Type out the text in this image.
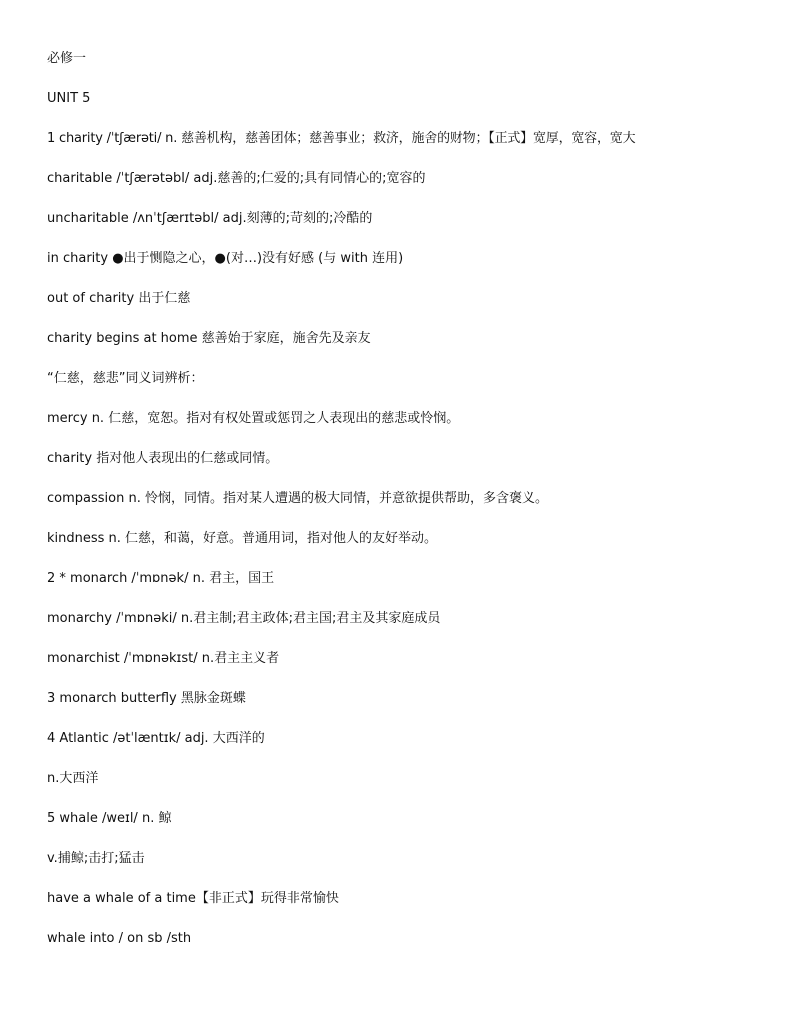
必修一
UNIT 5
1 charity /ˈtʃærəti/ n. 慈善机构，慈善团体；慈善事业；救济，施舍的财物；【正式】宽厚，宽容，宽大
charitable /ˈtʃærətəbl/ adj.慈善的;仁爱的;具有同情心的;宽容的
uncharitable /ʌnˈtʃærɪtəbl/ adj.刻薄的;苛刻的;冷酷的
in charity ●出于恻隐之心，●(对…)没有好感 (与 with 连用)
out of charity 出于仁慈
charity begins at home 慈善始于家庭，施舍先及亲友
“仁慈，慈悲”同义词辨析：
mercy n. 仁慈，宽恕。指对有权处置或惩罚之人表现出的慈悲或怜悯。
charity 指对他人表现出的仁慈或同情。
compassion n. 怜悯，同情。指对某人遭遇的极大同情，并意欲提供帮助，多含褒义。
kindness n. 仁慈，和蔼，好意。普通用词，指对他人的友好举动。
2 * monarch /ˈmɒnək/ n. 君主，国王
monarchy /ˈmɒnəki/ n.君主制;君主政体;君主国;君主及其家庭成员
monarchist /ˈmɒnəkɪst/ n.君主主义者
3 monarch butterfly 黑脉金斑蝶
4 Atlantic /ətˈlæntɪk/ adj. 大西洋的
n.大西洋
5 whale /weɪl/ n. 鲸
v.捕鲸;击打;猛击
have a whale of a time【非正式】玩得非常愉快
whale into / on sb /sth
